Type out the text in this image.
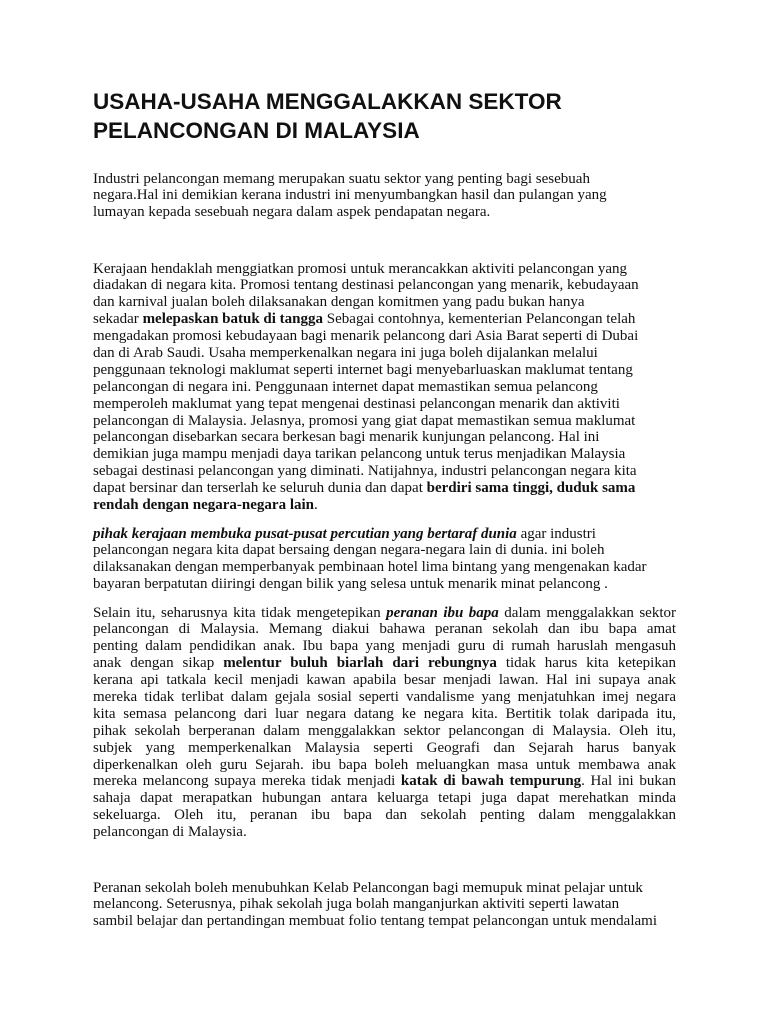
USAHA-USAHA MENGGALAKKAN SEKTOR
PELANCONGAN DI MALAYSIA
Industri pelancongan memang merupakan suatu sektor yang penting bagi sesebuah
negara.Hal ini demikian kerana industri ini menyumbangkan hasil dan pulangan yang
lumayan kepada sesebuah negara dalam aspek pendapatan negara.
Kerajaan hendaklah menggiatkan promosi untuk merancakkan aktiviti pelancongan yang
diadakan di negara kita. Promosi tentang destinasi pelancongan yang menarik, kebudayaan
dan karnival jualan boleh dilaksanakan dengan komitmen yang padu bukan hanya
sekadar melepaskan batuk di tangga Sebagai contohnya, kementerian Pelancongan telah
mengadakan promosi kebudayaan bagi menarik pelancong dari Asia Barat seperti di Dubai
dan di Arab Saudi. Usaha memperkenalkan negara ini juga boleh dijalankan melalui
penggunaan teknologi maklumat seperti internet bagi menyebarluaskan maklumat tentang
pelancongan di negara ini. Penggunaan internet dapat memastikan semua pelancong
memperoleh maklumat yang tepat mengenai destinasi pelancongan menarik dan aktiviti
pelancongan di Malaysia. Jelasnya, promosi yang giat dapat memastikan semua maklumat
pelancongan disebarkan secara berkesan bagi menarik kunjungan pelancong. Hal ini
demikian juga mampu menjadi daya tarikan pelancong untuk terus menjadikan Malaysia
sebagai destinasi pelancongan yang diminati. Natijahnya, industri pelancongan negara kita
dapat bersinar dan terserlah ke seluruh dunia dan dapat berdiri sama tinggi, duduk sama
rendah dengan negara-negara lain.
pihak kerajaan membuka pusat-pusat percutian yang bertaraf dunia agar industri
pelancongan negara kita dapat bersaing dengan negara-negara lain di dunia. ini boleh
dilaksanakan dengan memperbanyak pembinaan hotel lima bintang yang mengenakan kadar
bayaran berpatutan diiringi dengan bilik yang selesa untuk menarik minat pelancong .
Selain itu, seharusnya kita tidak mengetepikan peranan ibu bapa dalam menggalakkan sektor
pelancongan di Malaysia. Memang diakui bahawa peranan sekolah dan ibu bapa amat
penting dalam pendidikan anak. Ibu bapa yang menjadi guru di rumah haruslah mengasuh
anak dengan sikap melentur buluh biarlah dari rebungnya tidak harus kita ketepikan
kerana api tatkala kecil menjadi kawan apabila besar menjadi lawan. Hal ini supaya anak
mereka tidak terlibat dalam gejala sosial seperti vandalisme yang menjatuhkan imej negara
kita semasa pelancong dari luar negara datang ke negara kita. Bertitik tolak daripada itu,
pihak sekolah berperanan dalam menggalakkan sektor pelancongan di Malaysia. Oleh itu,
subjek yang memperkenalkan Malaysia seperti Geografi dan Sejarah harus banyak
diperkenalkan oleh guru Sejarah. ibu bapa boleh meluangkan masa untuk membawa anak
mereka melancong supaya mereka tidak menjadi katak di bawah tempurung. Hal ini bukan
sahaja dapat merapatkan hubungan antara keluarga tetapi juga dapat merehatkan minda
sekeluarga. Oleh itu, peranan ibu bapa dan sekolah penting dalam menggalakkan
pelancongan di Malaysia.
Peranan sekolah boleh menubuhkan Kelab Pelancongan bagi memupuk minat pelajar untuk
melancong. Seterusnya, pihak sekolah juga bolah manganjurkan aktiviti seperti lawatan
sambil belajar dan pertandingan membuat folio tentang tempat pelancongan untuk mendalami
